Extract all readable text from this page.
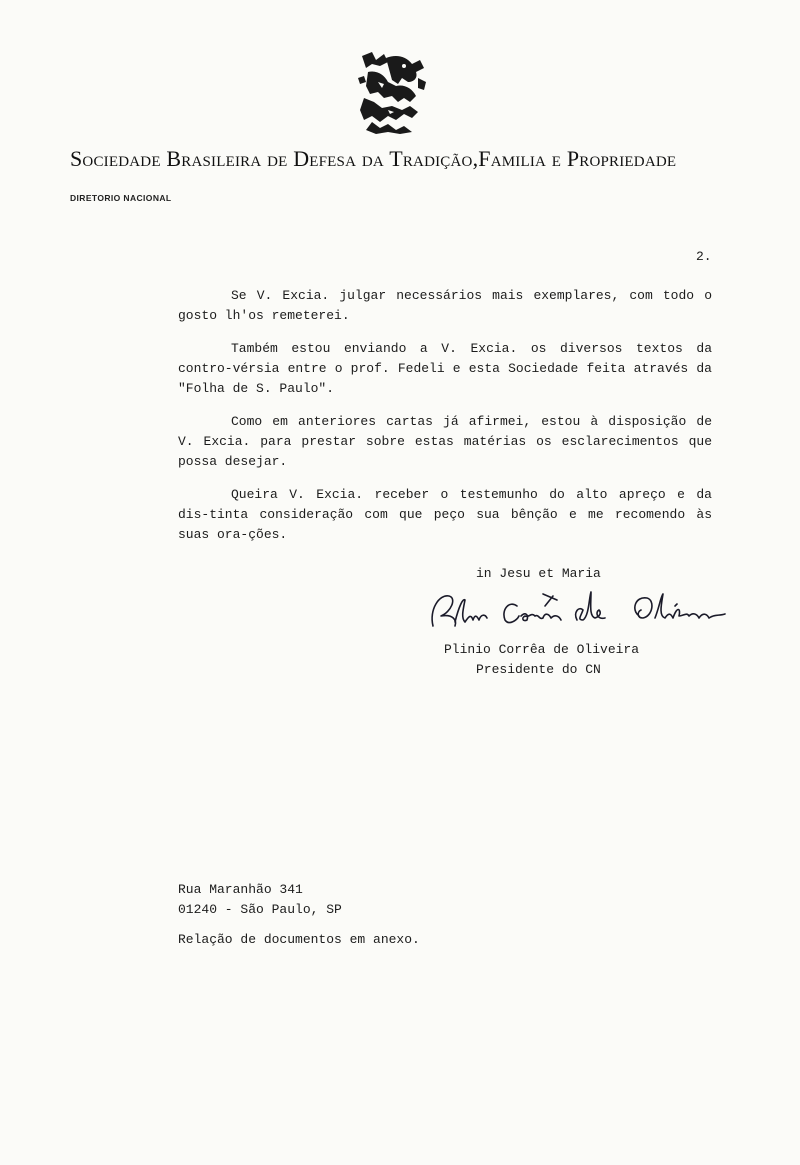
Sociedade Brasileira de Defesa da Tradição,Familia e Propriedade
DIRETORIO NACIONAL
2.

Se V. Excia. julgar necessários mais exemplares, com todo o gosto lh'os remeterei.

Também estou enviando a V. Excia. os diversos textos da contro-vérsia entre o prof. Fedeli e esta Sociedade feita através da "Folha de S. Paulo".

Como em anteriores cartas já afirmei, estou à disposição de V. Excia. para prestar sobre estas matérias os esclarecimentos que possa desejar.

Queira V. Excia. receber o testemunho do alto apreço e da dis-tinta consideração com que peço sua bênção e me recomendo às suas ora-ções.

in Jesu et Maria
Plinio Corrêa de Oliveira
Presidente do CN
Rua Maranhão 341
01240 - São Paulo, SP
Relação de documentos em anexo.
